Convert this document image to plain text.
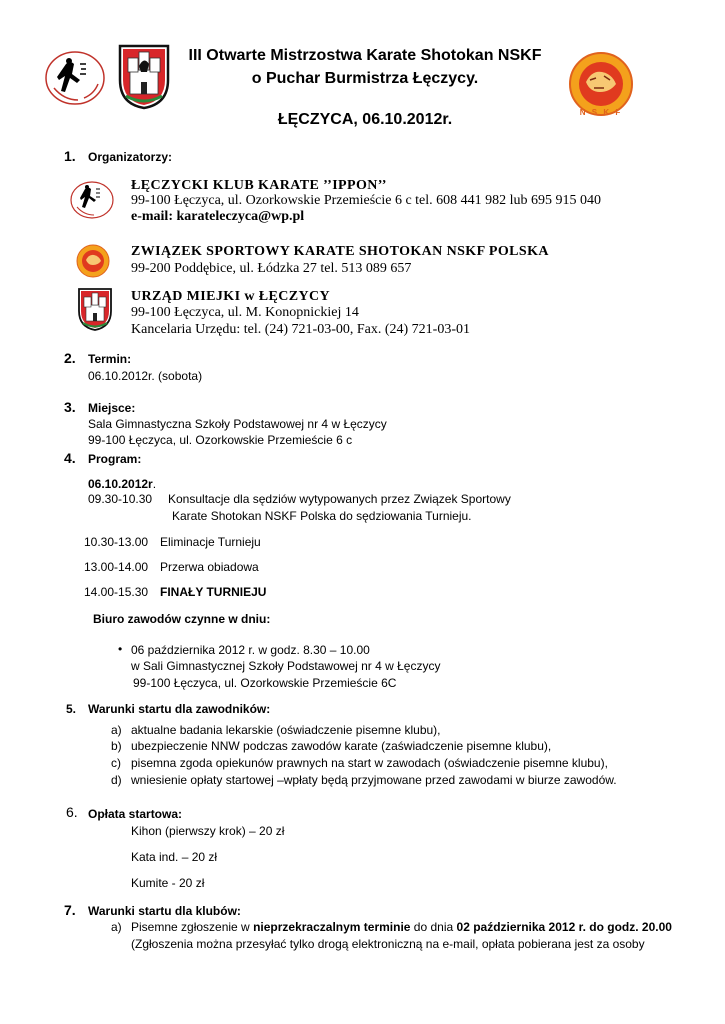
N S K F
III Otwarte Mistrzostwa Karate Shotokan NSKF
o Puchar Burmistrza Łęczycy.
ŁĘCZYCA, 06.10.2012r.
1. Organizatorzy:
ŁĘCZYCKI KLUB KARATE ’’IPPON’’
99-100 Łęczyca, ul. Ozorkowskie Przemieście 6 c tel. 608 441 982 lub 695 915 040
e-mail: karateleczyca@wp.pl
ZWIĄZEK SPORTOWY KARATE SHOTOKAN NSKF POLSKA
99-200 Poddębice, ul. Łódzka 27 tel. 513 089 657
URZĄD MIEJKI w ŁĘCZYCY
99-100 Łęczyca, ul. M. Konopnickiej 14
Kancelaria Urzędu: tel. (24) 721-03-00, Fax. (24) 721-03-01
2. Termin:
06.10.2012r. (sobota)
3. Miejsce:
Sala Gimnastyczna Szkoły Podstawowej nr 4 w Łęczycy
99-100 Łęczyca, ul. Ozorkowskie Przemieście 6 c
4. Program:
06.10.2012r.
09.30-10.30 Konsultacje dla sędziów wytypowanych przez Związek Sportowy
Karate Shotokan NSKF Polska do sędziowania Turnieju.
10.30-13.00 Eliminacje Turnieju
13.00-14.00 Przerwa obiadowa
14.00-15.30 FINAŁY TURNIEJU
Biuro zawodów czynne w dniu:
• 06 października 2012 r. w godz. 8.30 – 10.00
w Sali Gimnastycznej Szkoły Podstawowej nr 4 w Łęczycy
99-100 Łęczyca, ul. Ozorkowskie Przemieście 6C
5. Warunki startu dla zawodników:
a) aktualne badania lekarskie (oświadczenie pisemne klubu),
b) ubezpieczenie NNW podczas zawodów karate (zaświadczenie pisemne klubu),
c) pisemna zgoda opiekunów prawnych na start w zawodach (oświadczenie pisemne klubu),
d) wniesienie opłaty startowej –wpłaty będą przyjmowane przed zawodami w biurze zawodów.
6. Opłata startowa:
Kihon (pierwszy krok) – 20 zł
Kata ind. – 20 zł
Kumite - 20 zł
7. Warunki startu dla klubów:
a) Pisemne zgłoszenie w nieprzekraczalnym terminie do dnia 02 października 2012 r. do godz. 20.00
(Zgłoszenia można przesyłać tylko drogą elektroniczną na e-mail, opłata pobierana jest za osoby
